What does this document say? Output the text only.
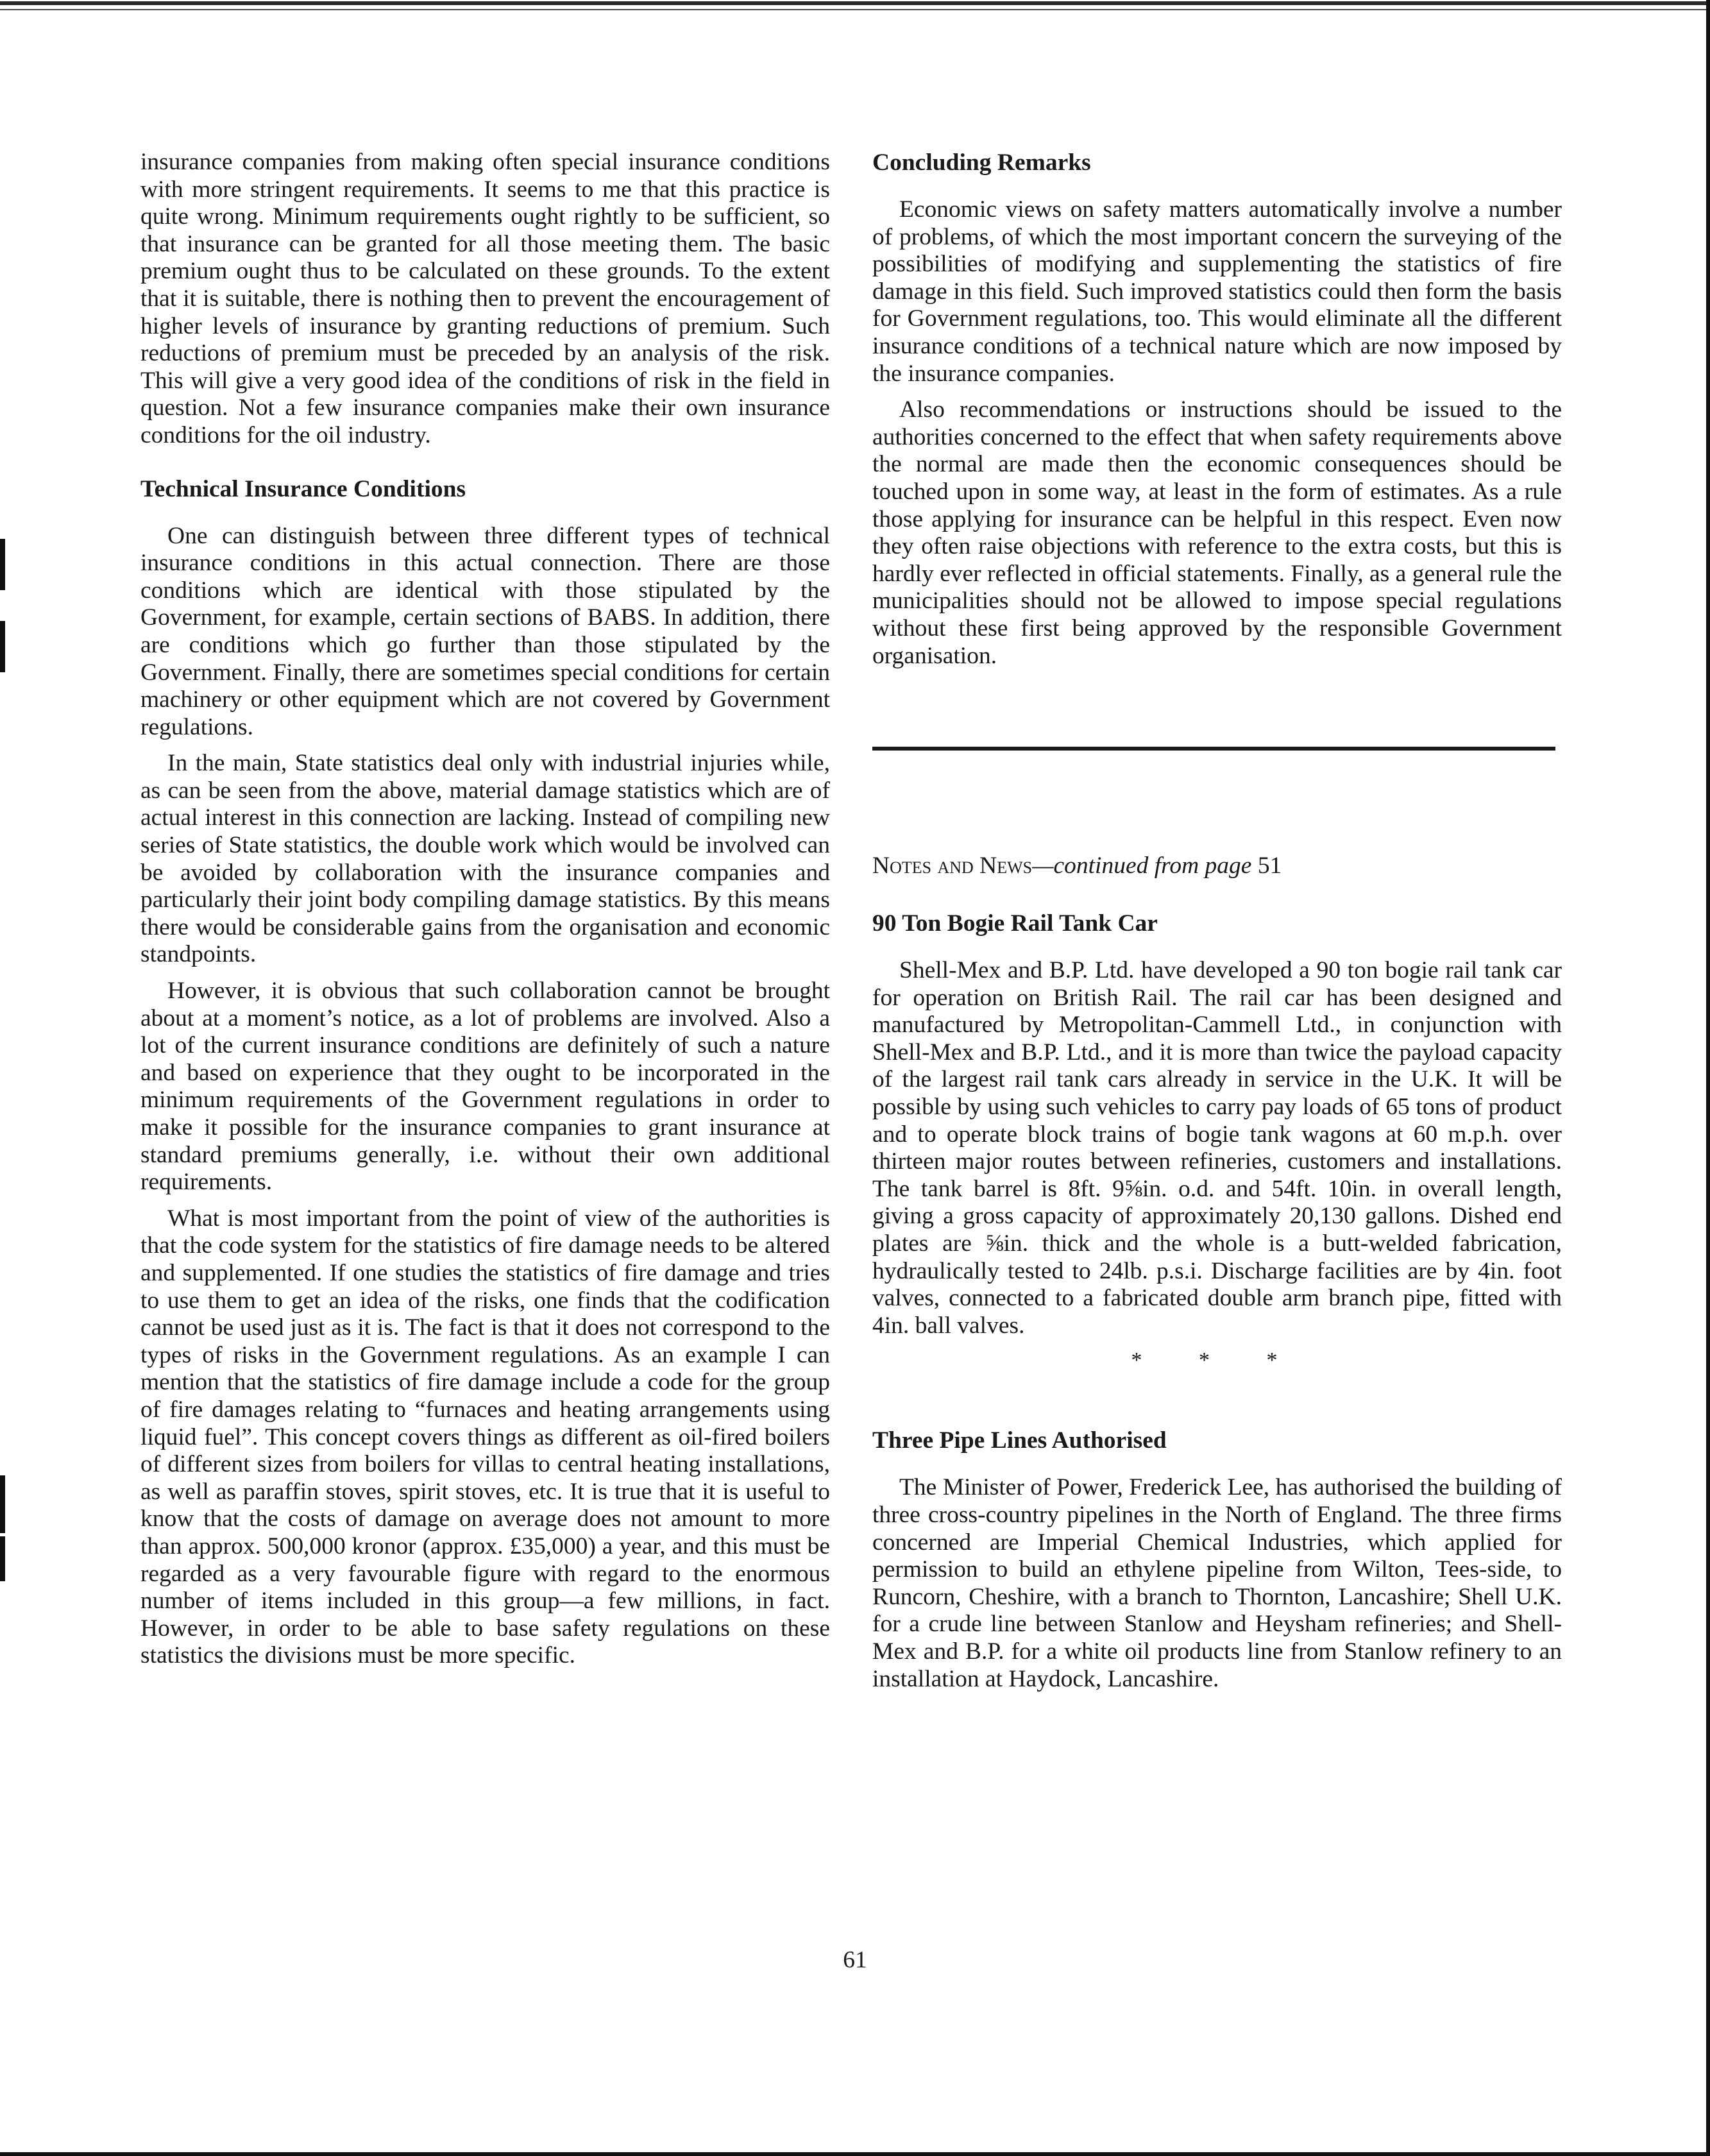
insurance companies from making often special insurance conditions with more stringent requirements. It seems to me that this practice is quite wrong. Minimum requirements ought rightly to be sufficient, so that insurance can be granted for all those meeting them. The basic premium ought thus to be calculated on these grounds. To the extent that it is suitable, there is nothing then to prevent the encouragement of higher levels of insurance by granting reductions of premium. Such reductions of premium must be preceded by an analysis of the risk. This will give a very good idea of the conditions of risk in the field in question. Not a few insurance companies make their own insurance conditions for the oil industry.

Technical Insurance Conditions

One can distinguish between three different types of technical insurance conditions in this actual connection. There are those conditions which are identical with those stipulated by the Government, for example, certain sections of BABS. In addition, there are conditions which go further than those stipulated by the Government. Finally, there are sometimes special conditions for certain machinery or other equipment which are not covered by Government regulations.

In the main, State statistics deal only with industrial injuries while, as can be seen from the above, material damage statistics which are of actual interest in this connection are lacking. Instead of compiling new series of State statistics, the double work which would be involved can be avoided by collaboration with the insurance companies and particularly their joint body compiling damage statistics. By this means there would be considerable gains from the organisation and economic standpoints.

However, it is obvious that such collaboration cannot be brought about at a moment’s notice, as a lot of problems are involved. Also a lot of the current insurance conditions are definitely of such a nature and based on experience that they ought to be incorporated in the minimum requirements of the Government regulations in order to make it possible for the insurance companies to grant insurance at standard premiums generally, i.e. without their own additional requirements.

What is most important from the point of view of the authorities is that the code system for the statistics of fire damage needs to be altered and supplemented. If one studies the statistics of fire damage and tries to use them to get an idea of the risks, one finds that the codification cannot be used just as it is. The fact is that it does not correspond to the types of risks in the Government regulations. As an example I can mention that the statistics of fire damage include a code for the group of fire damages relating to “furnaces and heating arrangements using liquid fuel”. This concept covers things as different as oil-fired boilers of different sizes from boilers for villas to central heating installations, as well as paraffin stoves, spirit stoves, etc. It is true that it is useful to know that the costs of damage on average does not amount to more than approx. 500,000 kronor (approx. £35,000) a year, and this must be regarded as a very favourable figure with regard to the enormous number of items included in this group—a few millions, in fact. However, in order to be able to base safety regulations on these statistics the divisions must be more specific.

Concluding Remarks

Economic views on safety matters automatically involve a number of problems, of which the most important concern the surveying of the possibilities of modifying and supplementing the statistics of fire damage in this field. Such improved statistics could then form the basis for Government regulations, too. This would eliminate all the different insurance conditions of a technical nature which are now imposed by the insurance companies.

Also recommendations or instructions should be issued to the authorities concerned to the effect that when safety requirements above the normal are made then the economic consequences should be touched upon in some way, at least in the form of estimates. As a rule those applying for insurance can be helpful in this respect. Even now they often raise objections with reference to the extra costs, but this is hardly ever reflected in official statements. Finally, as a general rule the municipalities should not be allowed to impose special regulations without these first being approved by the responsible Government organisation.

Notes and News—continued from page 51
90 Ton Bogie Rail Tank Car

Shell-Mex and B.P. Ltd. have developed a 90 ton bogie rail tank car for operation on British Rail. The rail car has been designed and manufactured by Metropolitan-Cammell Ltd., in conjunction with Shell-Mex and B.P. Ltd., and it is more than twice the payload capacity of the largest rail tank cars already in service in the U.K. It will be possible by using such vehicles to carry pay loads of 65 tons of product and to operate block trains of bogie tank wagons at 60 m.p.h. over thirteen major routes between refineries, customers and installations. The tank barrel is 8ft. 9⅝in. o.d. and 54ft. 10in. in overall length, giving a gross capacity of approximately 20,130 gallons. Dished end plates are ⅝in. thick and the whole is a butt-welded fabrication, hydraulically tested to 24lb. p.s.i. Discharge facilities are by 4in. foot valves, connected to a fabricated double arm branch pipe, fitted with 4in. ball valves.

* * *
Three Pipe Lines Authorised

The Minister of Power, Frederick Lee, has authorised the building of three cross-country pipelines in the North of England. The three firms concerned are Imperial Chemical Industries, which applied for permission to build an ethylene pipeline from Wilton, Tees-side, to Runcorn, Cheshire, with a branch to Thornton, Lancashire; Shell U.K. for a crude line between Stanlow and Heysham refineries; and Shell-Mex and B.P. for a white oil products line from Stanlow refinery to an installation at Haydock, Lancashire.

61
